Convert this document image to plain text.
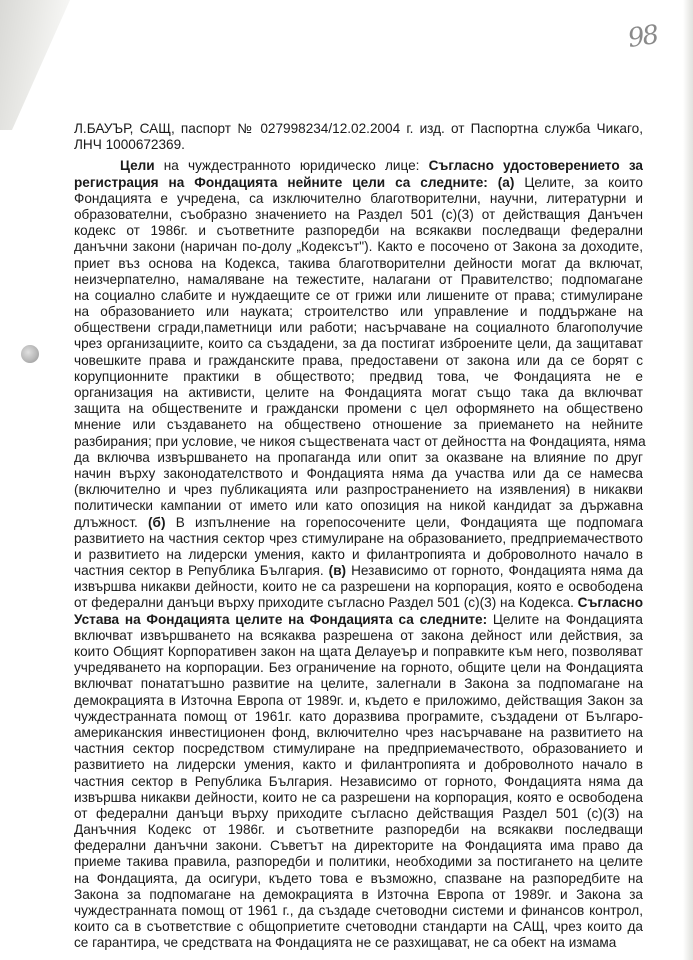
98
Л.БАУЪР, САЩ, паспорт № 027998234/12.02.2004 г. изд. от Паспортна служба Чикаго,
ЛНЧ 1000672369.
Цели на чуждестранното юридическо лице: Съгласно удостоверението за
регистрация на Фондацията нейните цели са следните: (а) Целите, за които
Фондацията е учредена, са изключително благотворителни, научни, литературни и
образователни, съобразно значението на Раздел 501 (с)(3) от действащия Данъчен
кодекс от 1986г. и съответните разпоредби на всякакви последващи федерални
данъчни закони (наричан по-долу „Кодексът"). Както е посочено от Закона за доходите,
приет въз основа на Кодекса, такива благотворителни дейности могат да включат,
неизчерпателно, намаляване на тежестите, налагани от Правителство; подпомагане
на социално слабите и нуждаещите се от грижи или лишените от права; стимулиране
на образованието или науката; строителство или управление и поддържане на
обществени сгради,паметници или работи; насърчаване на социалното благополучие
чрез организациите, които са създадени, за да постигат изброените цели, да защитават
човешките права и гражданските права, предоставени от закона или да се борят с
корупционните практики в обществото; предвид това, че Фондацията не е
организация на активисти, целите на Фондацията могат също така да включват
защита на обществените и граждански промени с цел оформянето на обществено
мнение или създаването на обществено отношение за приемането на нейните
разбирания; при условие, че никоя съществената част от дейността на Фондацията, няма
да включва извършването на пропаганда или опит за оказване на влияние по друг
начин върху законодателството и Фондацията няма да участва или да се намесва
(включително и чрез публикацията или разпространението на изявления) в никакви
политически кампании от името или като опозиция на никой кандидат за държавна
длъжност. (б) В изпълнение на горепосочените цели, Фондацията ще подпомага
развитието на частния сектор чрез стимулиране на образованието, предприемачеството
и развитието на лидерски умения, както и филантропията и доброволното начало в
частния сектор в Република България. (в) Независимо от горното, Фондацията няма да
извършва никакви дейности, които не са разрешени на корпорация, която е освободена
от федерални данъци върху приходите съгласно Раздел 501 (с)(3) на Кодекса. Съгласно
Устава на Фондацията целите на Фондацията са следните: Целите на Фондацията
включват извършването на всякаква разрешена от закона дейност или действия, за
които Общият Корпоративен закон на щата Делауеър и поправките към него, позволяват
учредяването на корпорации. Без ограничение на горното, общите цели на Фондацията
включват понататъшно развитие на целите, залегнали в Закона за подпомагане на
демокрацията в Източна Европа от 1989г. и, където е приложимо, действащия Закон за
чуждестранната помощ от 1961г. като доразвива програмите, създадени от Българо-
американския инвестиционен фонд, включително чрез насърчаване на развитието на
частния сектор посредством стимулиране на предприемачеството, образованието и
развитието на лидерски умения, както и филантропията и доброволното начало в
частния сектор в Република България. Независимо от горното, Фондацията няма да
извършва никакви дейности, които не са разрешени на корпорация, която е освободена
от федерални данъци върху приходите съгласно действащия Раздел 501 (с)(3) на
Данъчния Кодекс от 1986г. и съответните разпоредби на всякакви последващи
федерални данъчни закони. Съветът на директорите на Фондацията има право да
приеме такива правила, разпоредби и политики, необходими за постигането на целите
на Фондацията, да осигури, където това е възможно, спазване на разпоредбите на
Закона за подпомагане на демокрацията в Източна Европа от 1989г. и Закона за
чуждестранната помощ от 1961 г., да създаде счетоводни системи и финансов контрол,
които са в съответствие с общоприетите счетоводни стандарти на САЩ, чрез които да
се гарантира, че средствата на Фондацията не се разхищават, не са обект на измама
